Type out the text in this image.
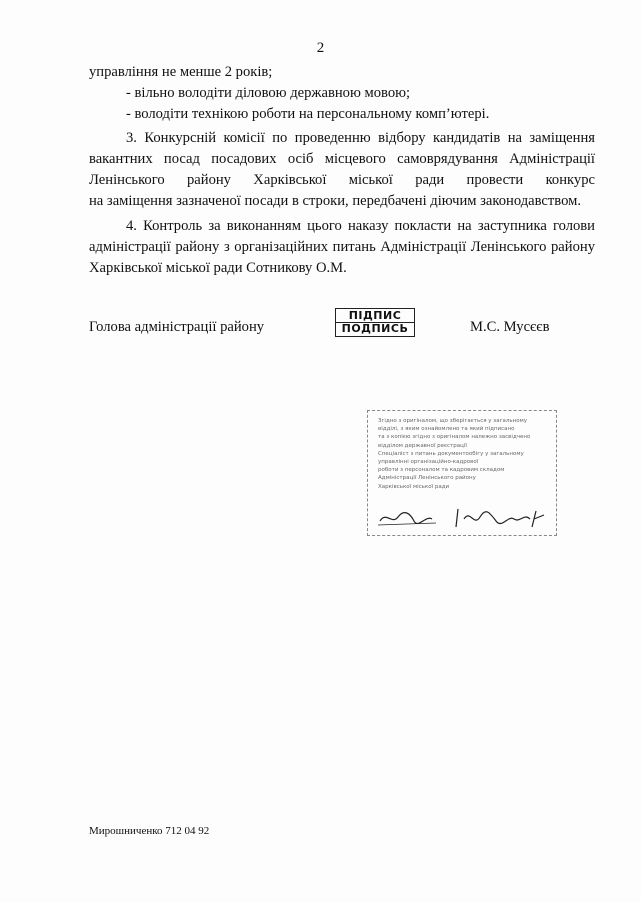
2
управління не менше 2 років;
- вільно володіти діловою державною мовою;
- володіти технікою роботи на персональному комп’ютері.
3. Конкурсній комісії по проведенню відбору кандидатів на заміщення
вакантних посад посадових осіб місцевого самоврядування Адміністрації
Ленінського району Харківської міської ради провести конкурс
на заміщення зазначеної посади в строки, передбачені діючим законодавством.
4. Контроль за виконанням цього наказу покласти на заступника голови
адміністрації району з організаційних питань Адміністрації Ленінського району
Харківської міської ради Сотникову О.М.
Голова адміністрації району
ПІДПИС
ПОДПИСЬ	М.С. Мусєєв
Згідно з оригіналом, що зберігається у загальному
відділі, з яким ознайомлено та який підписано
та з копією згідно з оригіналом належно засвідчено
відділом державної реєстрації
Спеціаліст з питань документообігу у загальному
управлінні організаційно-кадрової
роботи з персоналом та кадровим складом
Адміністрації Ленінського району
Харківської міської ради
Мирошниченко 712 04 92
